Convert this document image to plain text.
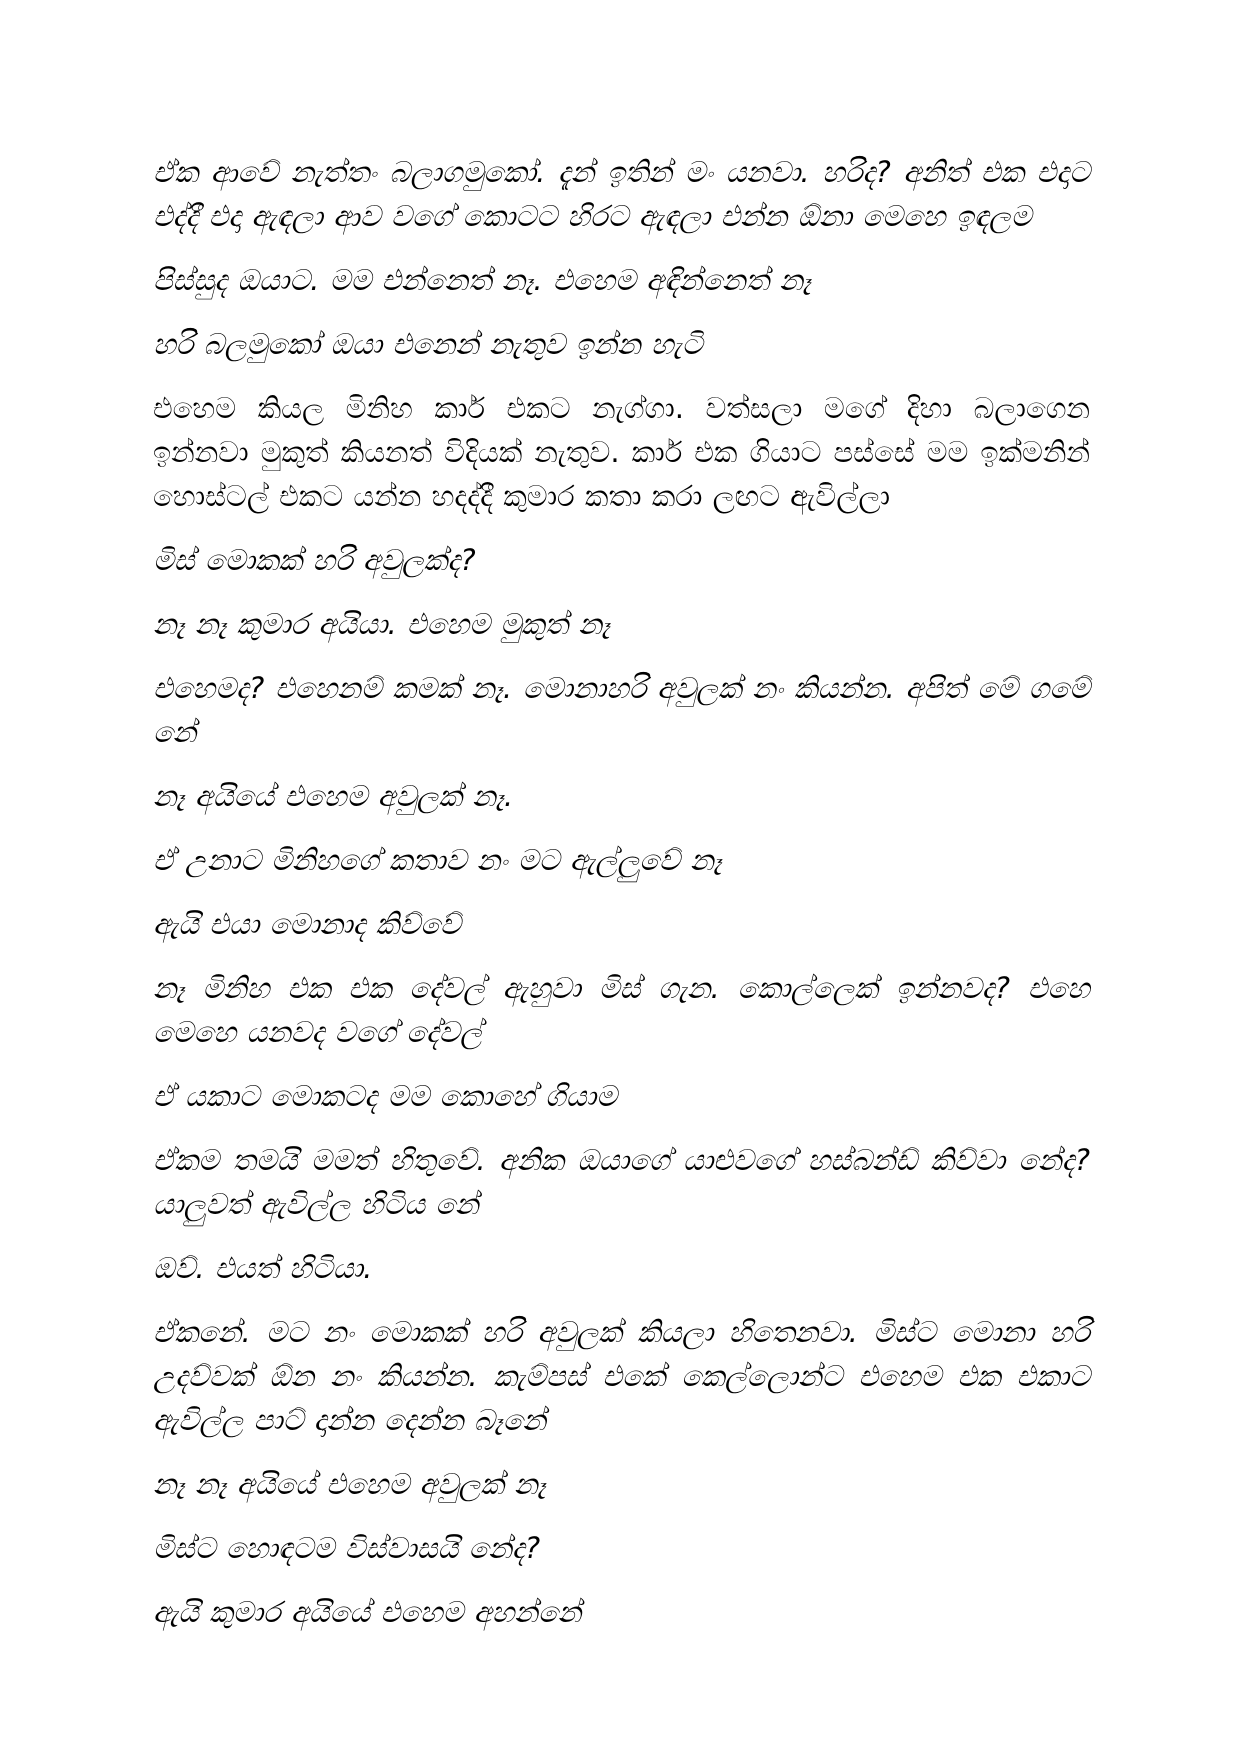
ඒක ආවේ නැත්තං බලාගමුකෝ. දැන් ඉතින් මං යනවා. හරිද? අනිත් එක එදාට එද්දී එදා ඇඳලා ආව වගේ කොටට හිරට ඇඳලා එන්න ඕනා මෙහෙ ඉඳලම

පිස්සුද ඔයාට. මම එන්නෙත් නෑ. එහෙම අඳින්නෙත් නෑ

හරි බලමුකෝ ඔයා එනෙන් නැතුව ඉන්න හැටි

එහෙම කියල මිනිහ කාර් එකට නැග්ගා. වත්සලා මගේ දිහා බලාගෙන ඉන්නවා මුකුත් කියනත් විදියක් නැතුව. කාර් එක ගියාට පස්සේ මම ඉක්මනින් හොස්ටල් එකට යන්න හදද්දී කුමාර කතා කරා ලඟට ඇවිල්ලා

මිස් මොකක් හරි අවුලක්ද?

නෑ නෑ කුමාර අයියා. එහෙම මුකුත් නෑ

එහෙමද? එහෙනම් කමක් නෑ. මොනාහරි අවුලක් නං කියන්න. අපිත් මේ ගමේ නේ

නෑ අයියේ එහෙම අවුලක් නෑ.

ඒ උනාට මිනිහගේ කතාව නං මට ඇල්ලුවේ නෑ

ඇයි එයා මොනාද කිව්වේ

නෑ මිනිහ එක එක දේවල් ඇහුවා මිස් ගැන. කොල්ලෙක් ඉන්නවද? එහෙ මෙහෙ යනවද වගේ දේවල්

ඒ යකාට මොකටද මම කොහේ ගියාම

ඒකම තමයි මමත් හිතුවේ. අනික ඔයාගේ යාළුවගේ හස්බන්ඩ් කිව්වා නේද? යාලුවත් ඇවිල්ල හිටිය නේ

ඔව්. එයත් හිටියා.

ඒකනේ. මට නං මොකක් හරි අවුලක් කියලා හිතෙනවා. මිස්ට මොනා හරි උදව්වක් ඕන නං කියන්න. කැම්පස් එකේ කෙල්ලොන්ට එහෙම එක එකාට ඇවිල්ල පාට් දාන්න දෙන්න බෑනේ

නෑ නෑ අයියේ එහෙම අවුලක් නෑ

මිස්ට හොඳටම විස්වාසයි නේද?

ඇයි කුමාර අයියේ එහෙම අහන්නේ
